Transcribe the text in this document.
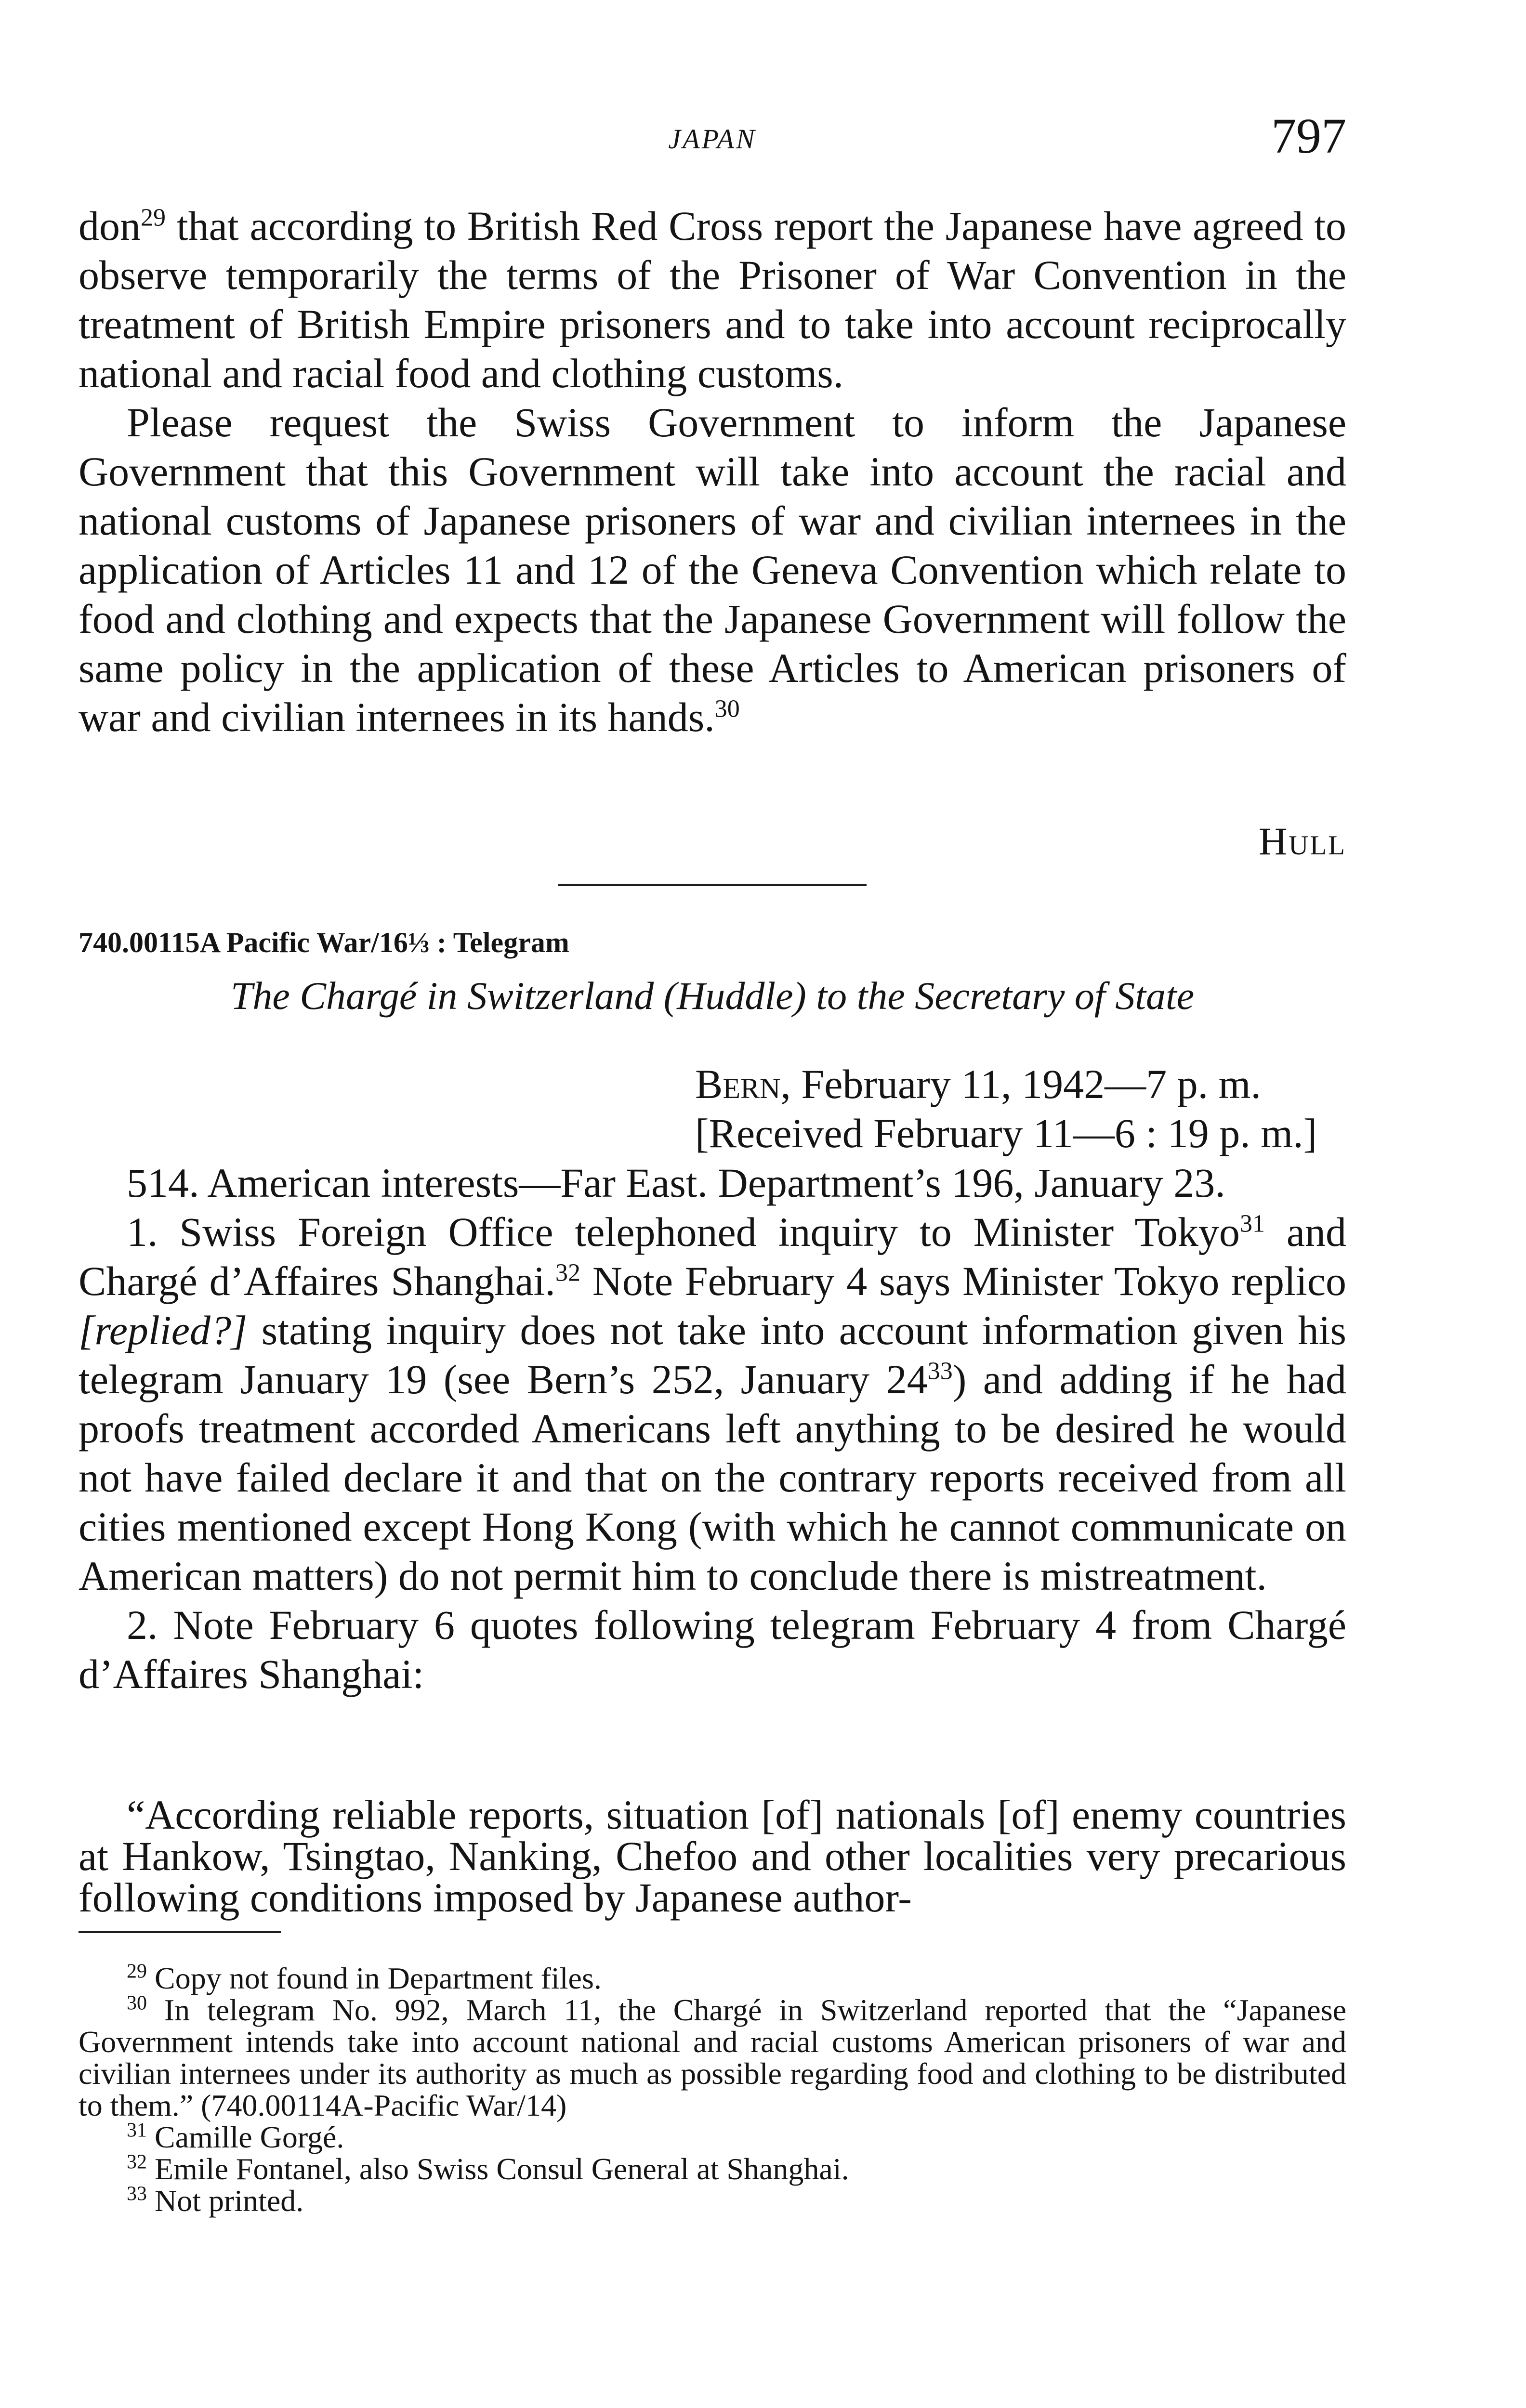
JAPAN	797

don$^{29}$ that according to British Red Cross report the Japanese have agreed to observe temporarily the terms of the Prisoner of War Convention in the treatment of British Empire prisoners and to take into account reciprocally national and racial food and clothing customs.

Please request the Swiss Government to inform the Japanese Government that this Government will take into account the racial and national customs of Japanese prisoners of war and civilian internees in the application of Articles 11 and 12 of the Geneva Convention which relate to food and clothing and expects that the Japanese Government will follow the same policy in the application of these Articles to American prisoners of war and civilian internees in its hands.$^{30}$

Hull
740.00115A Pacific War/16⅓ : Telegram
The Chargé in Switzerland (Huddle) to the Secretary of State
Bern, February 11, 1942—7 p. m.
[Received February 11—6 : 19 p. m.]

514. American interests—Far East. Department’s 196, January 23.

1. Swiss Foreign Office telephoned inquiry to Minister Tokyo$^{31}$ and Chargé d’Affaires Shanghai.$^{32}$ Note February 4 says Minister Tokyo replico [replied?] stating inquiry does not take into account information given his telegram January 19 (see Bern’s 252, January $24^{33}$) and adding if he had proofs treatment accorded Americans left anything to be desired he would not have failed declare it and that on the contrary reports received from all cities mentioned except Hong Kong (with which he cannot communicate on American matters) do not permit him to conclude there is mistreatment.

2. Note February 6 quotes following telegram February 4 from Chargé d’Affaires Shanghai:

“According reliable reports, situation [of] nationals [of] enemy countries at Hankow, Tsingtao, Nanking, Chefoo and other localities very precarious following conditions imposed by Japanese author-

$^{29}$ Copy not found in Department files.

$^{30}$ In telegram No. 992, March 11, the Chargé in Switzerland reported that the “Japanese Government intends take into account national and racial customs American prisoners of war and civilian internees under its authority as much as possible regarding food and clothing to be distributed to them.” (740.00114A-Pacific War/14)

$^{31}$ Camille Gorgé.

$^{32}$ Emile Fontanel, also Swiss Consul General at Shanghai.

$^{33}$ Not printed.
